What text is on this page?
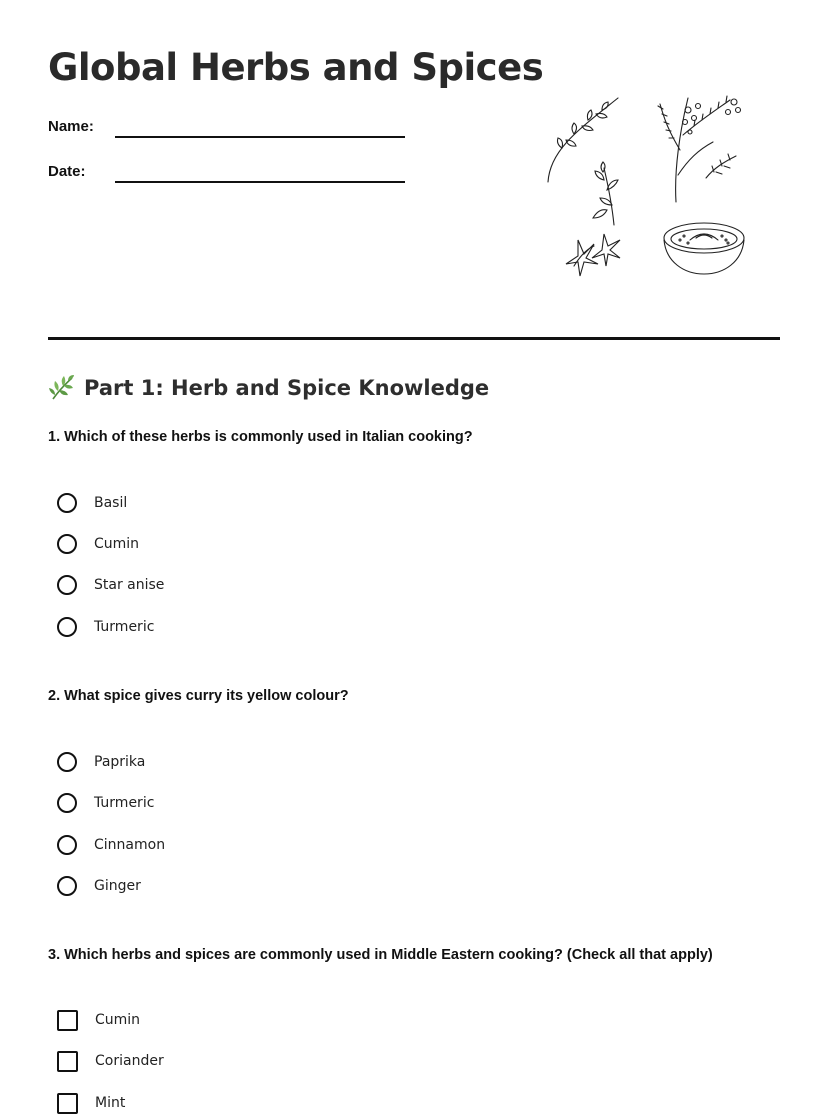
Global Herbs and Spices
Name:
Date:
Part 1: Herb and Spice Knowledge

1. Which of these herbs is commonly used in Italian cooking?

Basil
Cumin
Star anise
Turmeric

2. What spice gives curry its yellow colour?

Paprika
Turmeric
Cinnamon
Ginger

3. Which herbs and spices are commonly used in Middle Eastern cooking? (Check all that apply)

Cumin
Coriander
Mint
